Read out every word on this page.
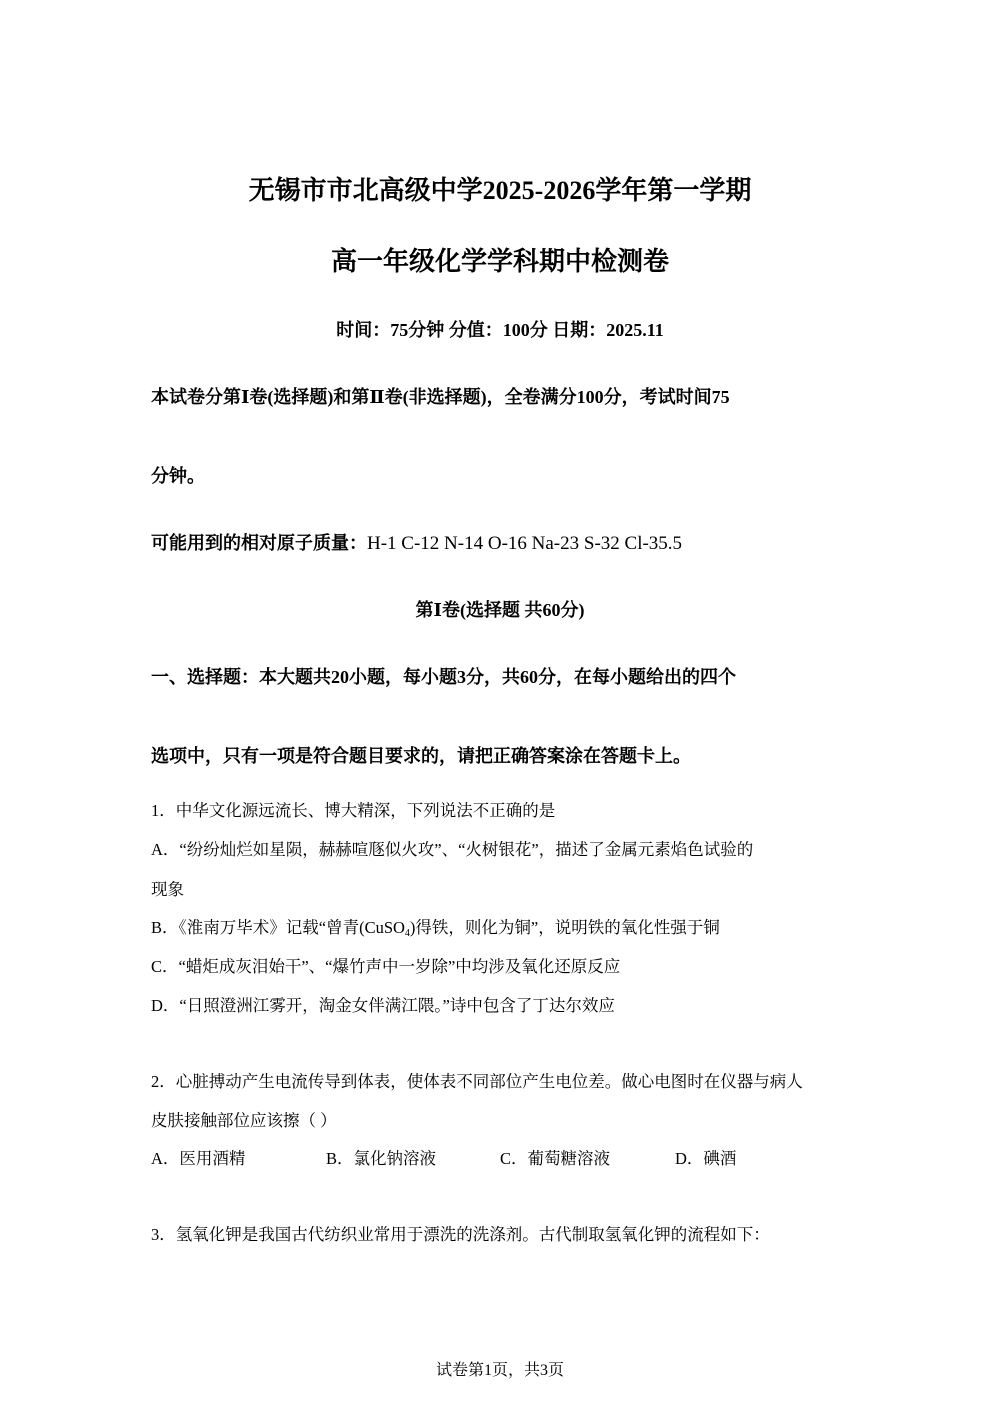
无锡市市北高级中学2025-2026学年第一学期
高一年级化学学科期中检测卷
时间：75分钟 分值：100分 日期：2025.11
本试卷分第Ⅰ卷(选择题)和第Ⅱ卷(非选择题)，全卷满分100分，考试时间75
分钟。
可能用到的相对原子质量：H-1 C-12 N-14 O-16 Na-23 S-32 Cl-35.5
第Ⅰ卷(选择题 共60分)
一、选择题：本大题共20小题，每小题3分，共60分，在每小题给出的四个
选项中，只有一项是符合题目要求的，请把正确答案涂在答题卡上。
1．中华文化源远流长、博大精深，下列说法不正确的是
A．“纷纷灿烂如星陨，赫赫喧豗似火攻”、“火树银花”，描述了金属元素焰色试验的
现象
B．《淮南万毕术》记载“曾青(CuSO$_4$)得铁，则化为铜”，说明铁的氧化性强于铜
C．“蜡炬成灰泪始干”、“爆竹声中一岁除”中均涉及氧化还原反应
D．“日照澄洲江雾开，淘金女伴满江隈。”诗中包含了丁达尔效应
2．心脏搏动产生电流传导到体表，使体表不同部位产生电位差。做心电图时在仪器与病人
皮肤接触部位应该擦（ ）
A．医用酒精	B．氯化钠溶液	C．葡萄糖溶液	D．碘酒
3．氢氧化钾是我国古代纺织业常用于漂洗的洗涤剂。古代制取氢氧化钾的流程如下：
试卷第1页，共3页
